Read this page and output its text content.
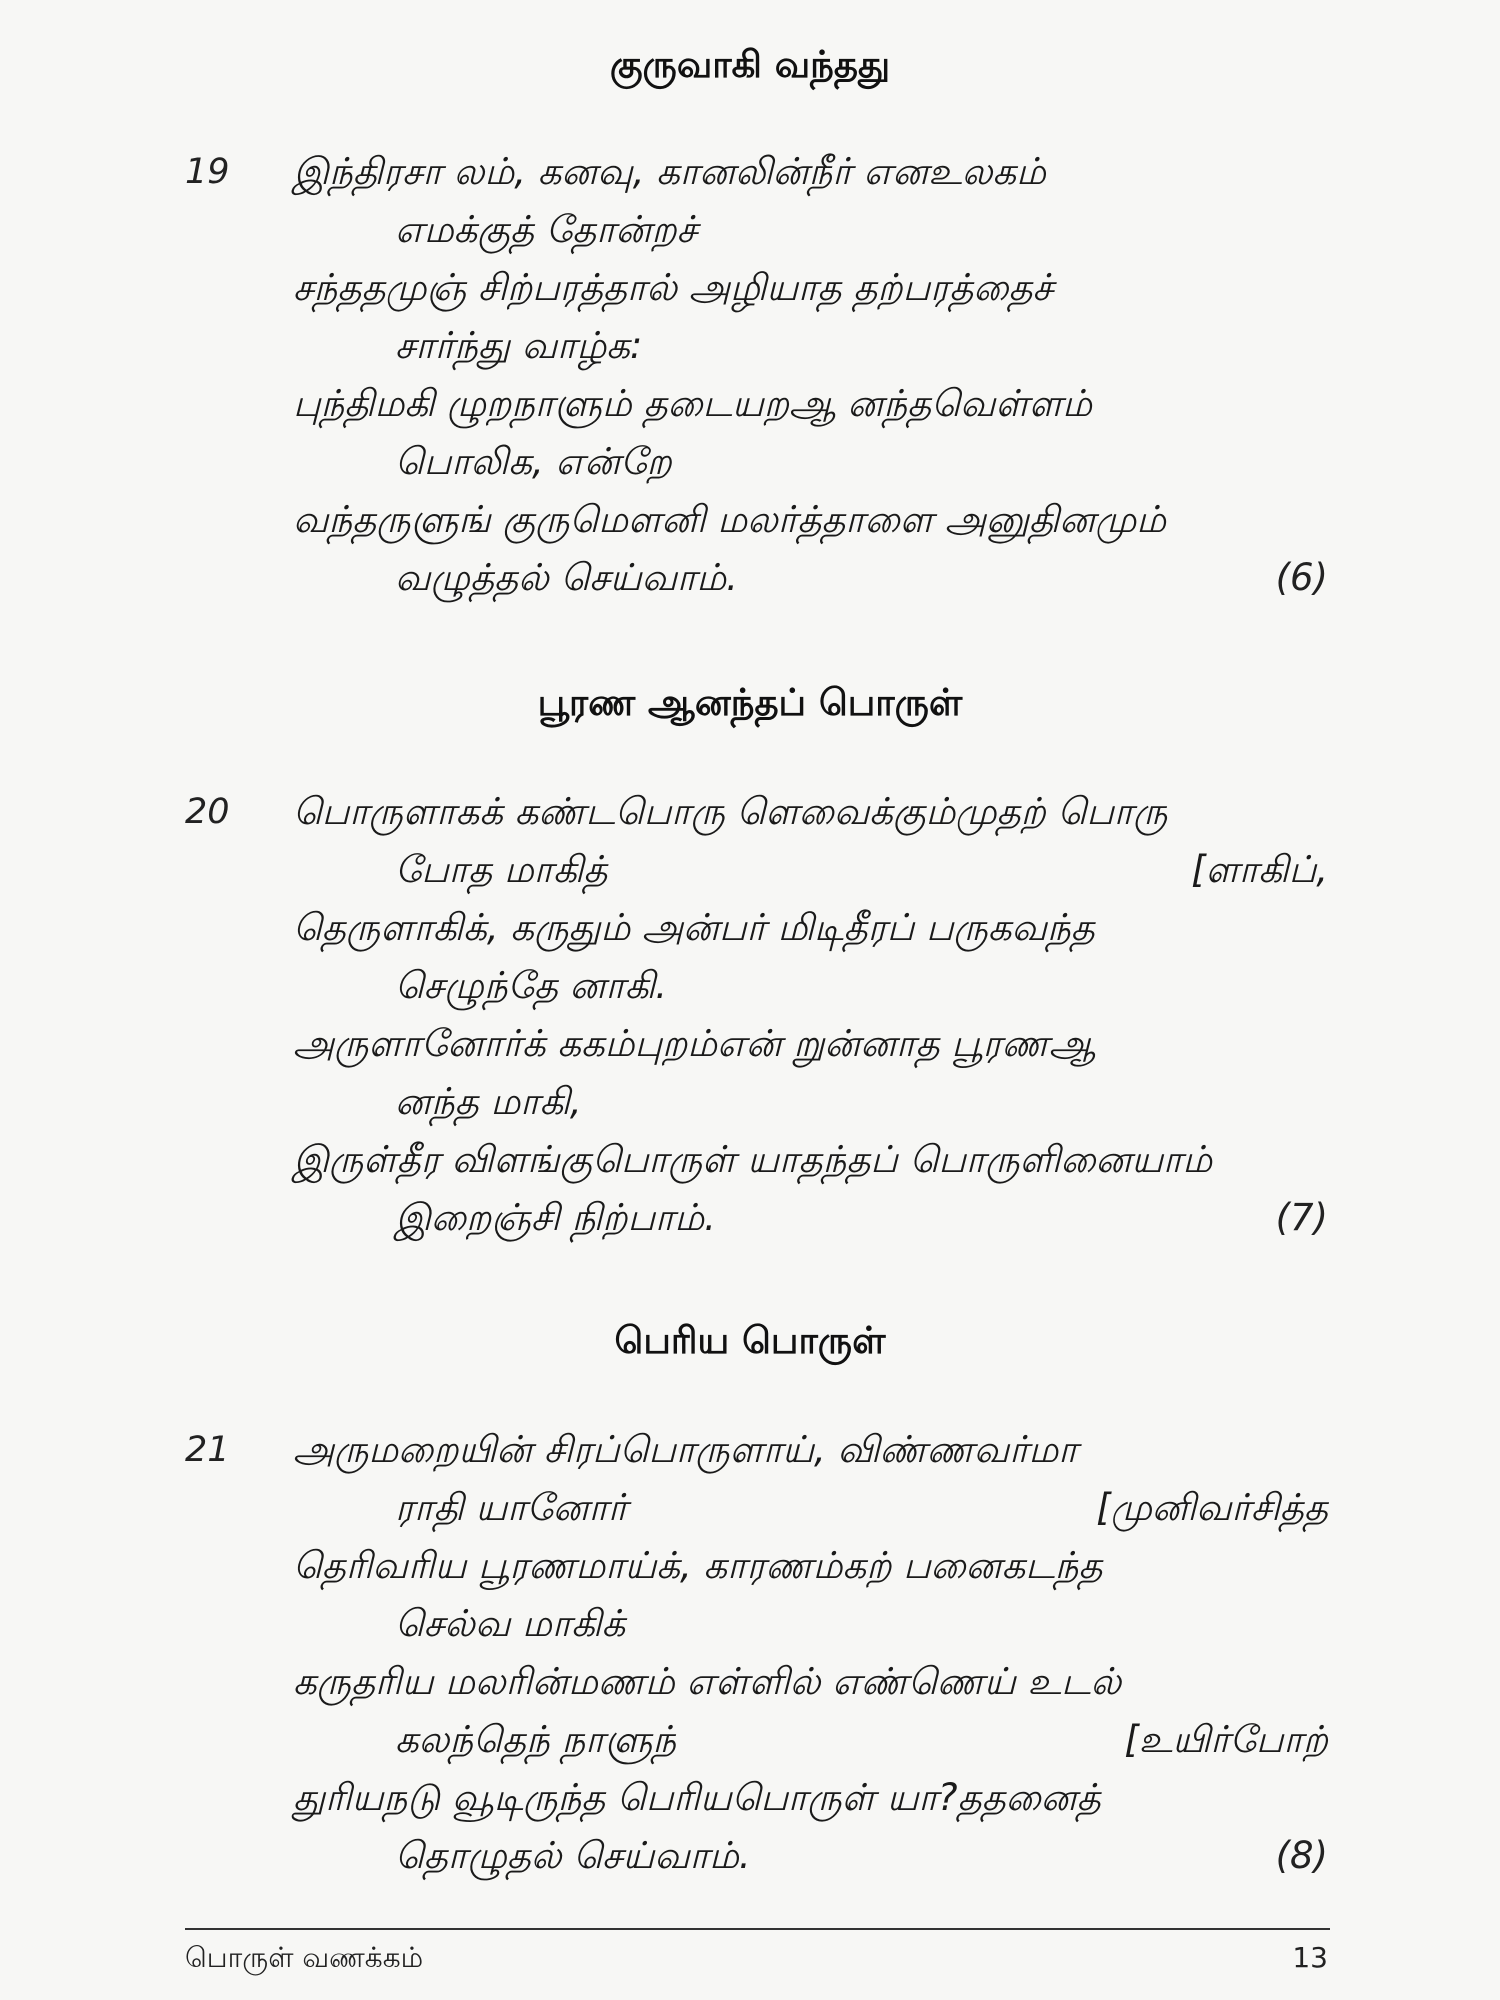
குருவாகி வந்தது
19 இந்திரசா லம், கனவு, கானலின்நீர் எனஉலகம்
எமக்குத் தோன்றச்
சந்ததமுஞ் சிற்பரத்தால் அழியாத தற்பரத்தைச்
சார்ந்து வாழ்க:
புந்திமகி ழுறநாளும் தடையறஆ னந்தவெள்ளம்
பொலிக, என்றே
வந்தருளுங் குருமௌனி மலர்த்தாளை அனுதினமும்
வழுத்தல் செய்வாம்.	(6)
பூரண ஆனந்தப் பொருள்
20 பொருளாகக் கண்டபொரு ளெவைக்கும்முதற் பொரு
போத மாகித்	[ளாகிப்,
தெருளாகிக், கருதும் அன்பர் மிடிதீரப் பருகவந்த
செழுந்தே னாகி.
அருளானோர்க் ககம்புறம்என் றுன்னாத பூரணஆ
னந்த மாகி,
இருள்தீர விளங்குபொருள் யாதந்தப் பொருளினையாம்
இறைஞ்சி நிற்பாம்.	(7)
பெரிய பொருள்
21 அருமறையின் சிரப்பொருளாய், விண்ணவர்மா
ராதி யானோர்	[முனிவர்சித்த
தெரிவரிய பூரணமாய்க், காரணம்கற் பனைகடந்த
செல்வ மாகிக்
கருதரிய மலரின்மணம் எள்ளில் எண்ணெய் உடல்
கலந்தெந் நாளுந்	[உயிர்போற்
துரியநடு வூடிருந்த பெரியபொருள் யா?ததனைத்
தொழுதல் செய்வாம்.	(8)
பொருள் வணக்கம்	13
